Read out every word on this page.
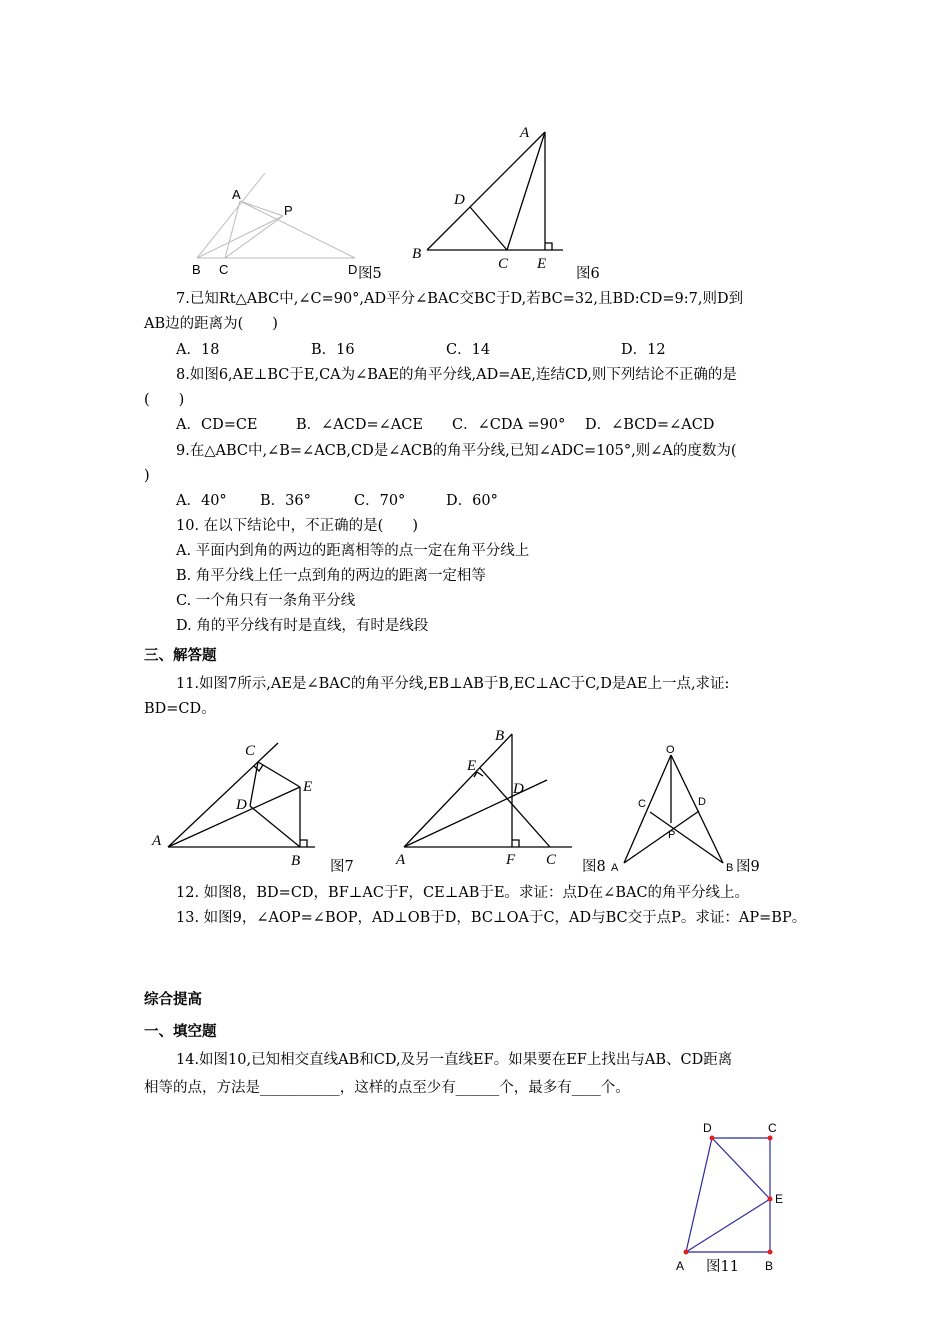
A
P
B C	D 图5
A
D
B
C E
图6
7.已知Rt△ABC中,∠C=90°,AD平分∠BAC交BC于D,若BC=32,且BD:CD=9:7,则D到
AB边的距离为(　　)
A．18	B．16	C．14	D．12
8.如图6,AE⊥BC于E,CA为∠BAE的角平分线,AD=AE,连结CD,则下列结论不正确的是
(　　)
A．CD=CE	B．∠ACD=∠ACE C．∠CDA =90° D．∠BCD=∠ACD
9.在△ABC中,∠B=∠ACB,CD是∠ACB的角平分线,已知∠ADC=105°,则∠A的度数为(
)
A．40° B．36°	C．70°	D．60°
10. 在以下结论中，不正确的是(　　)
A. 平面内到角的两边的距离相等的点一定在角平分线上
B. 角平分线上任一点到角的两边的距离一定相等
C. 一个角只有一条角平分线
D. 角的平分线有时是直线，有时是线段
三、解答题
11.如图7所示,AE是∠BAC的角平分线,EB⊥AB于B,EC⊥AC于C,D是AE上一点,求证:
BD=CD。
C
E
D
A
B 图7
B
E
D
A	F C 图8
O
C	D
P
A	B 图9
12. 如图8，BD=CD，BF⊥AC于F，CE⊥AB于E。求证：点D在∠BAC的角平分线上。
13. 如图9，∠AOP=∠BOP，AD⊥OB于D，BC⊥OA于C，AD与BC交于点P。求证：AP=BP。
综合提高
一、填空题
14.如图10,已知相交直线AB和CD,及另一直线EF。如果要在EF上找出与AB、CD距离
相等的点，方法是___________，这样的点至少有______个，最多有____个。
D	C
E
A	B
图11
